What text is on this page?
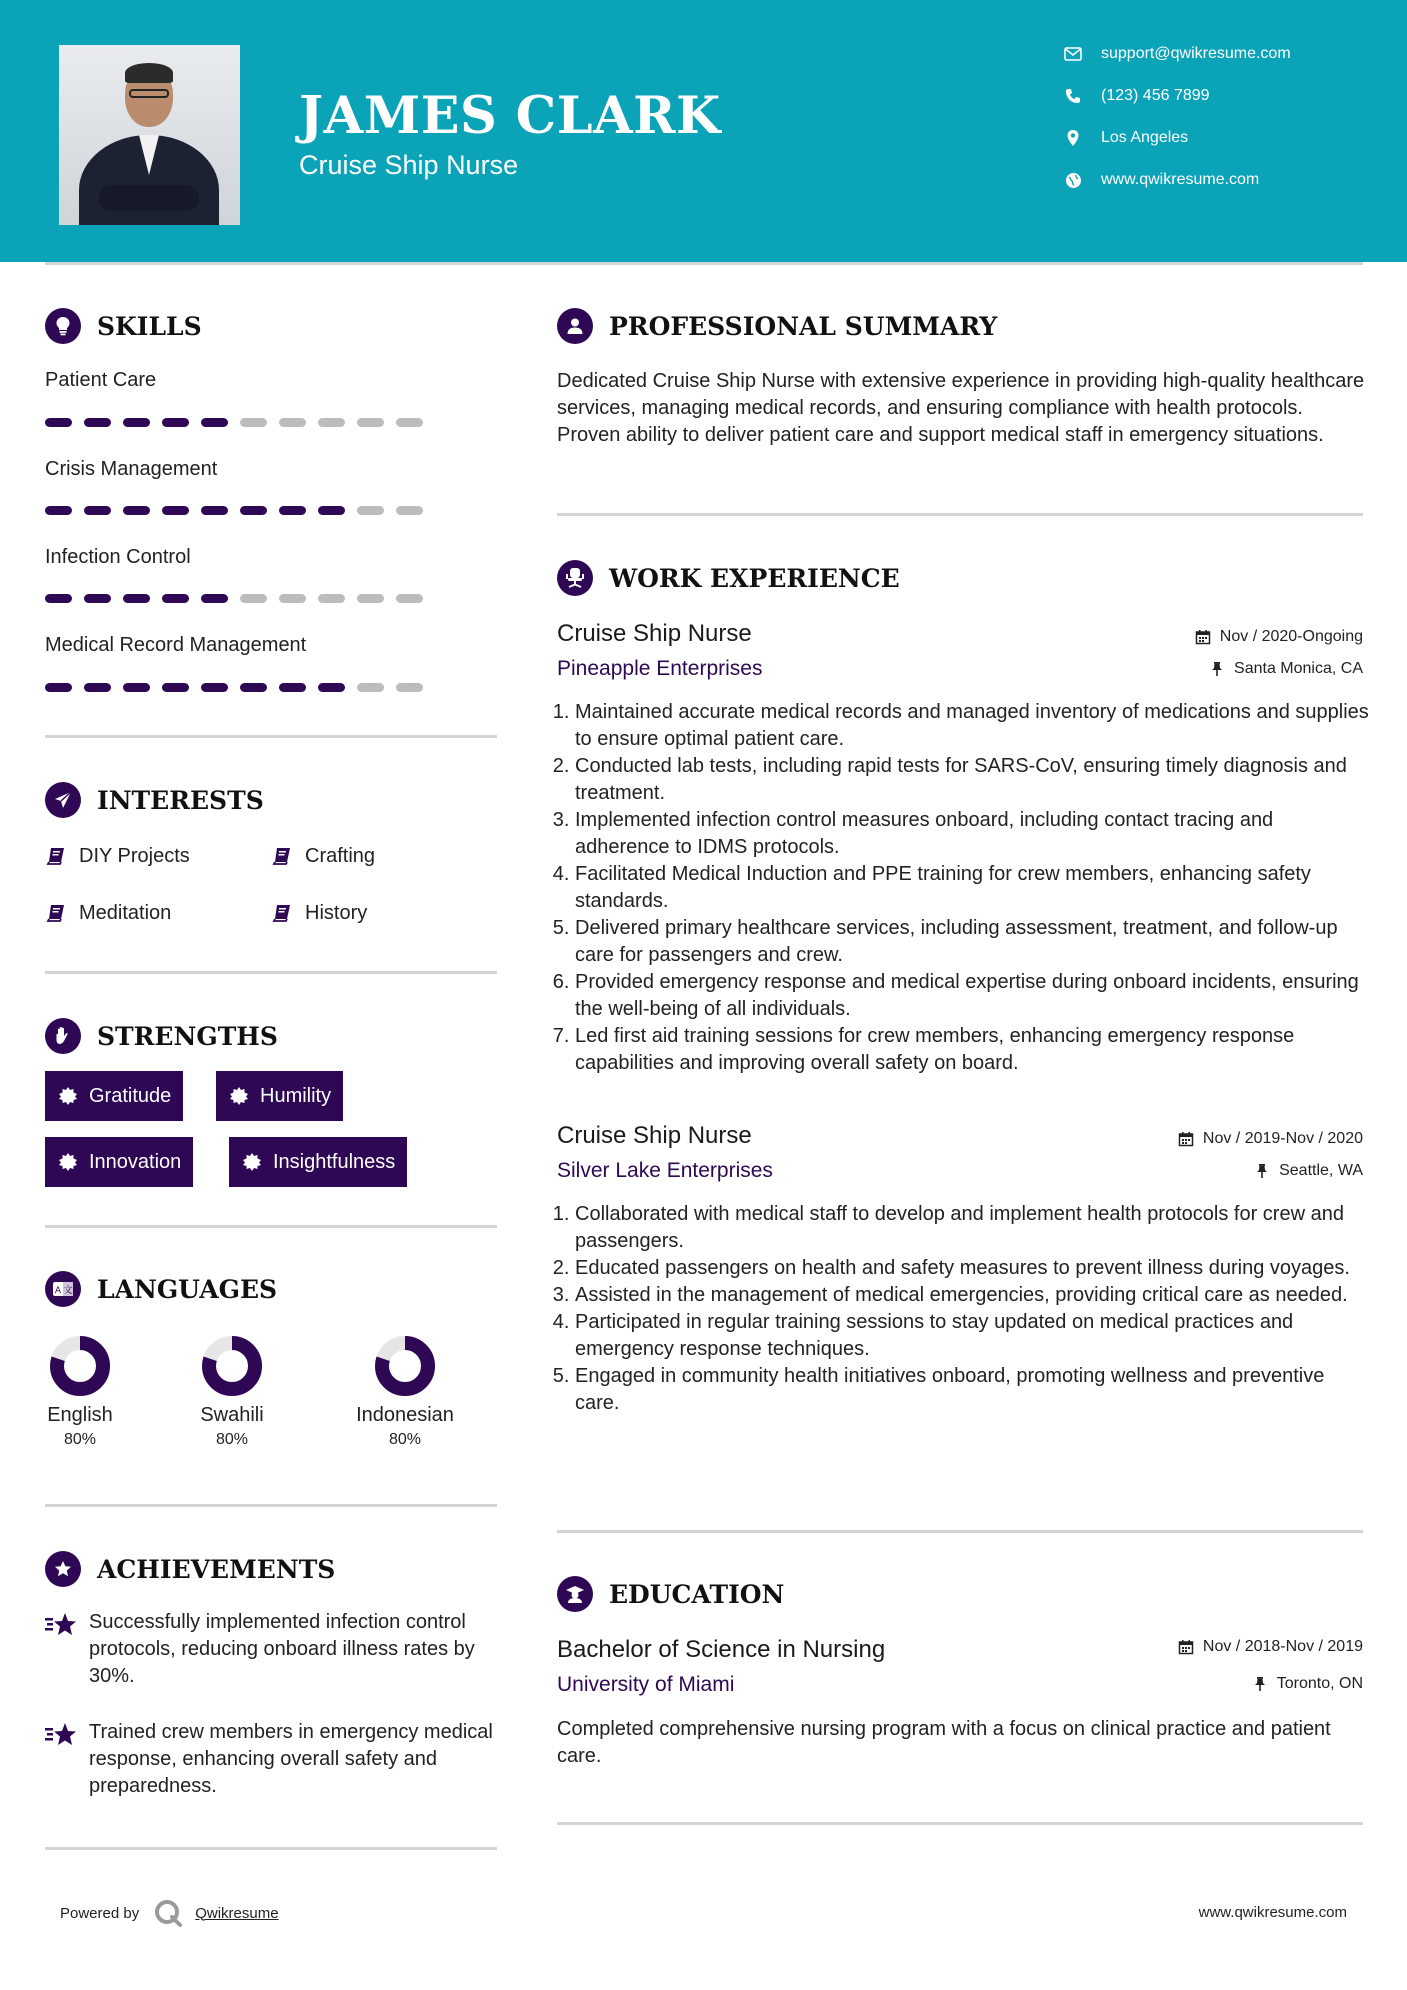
JAMES CLARK
Cruise Ship Nurse
support@qwikresume.com
(123) 456 7899
Los Angeles
www.qwikresume.com
SKILLS
Patient Care
Crisis Management
Infection Control
Medical Record Management
INTERESTS
DIY Projects	Crafting
Meditation	History
STRENGTHS
Gratitude	Humility
Innovation	Insightfulness
A 文 LANGUAGES
English
80%
Swahili
80%
Indonesian
80%
ACHIEVEMENTS
Successfully implemented infection control protocols, reducing onboard illness rates by 30%.
Trained crew members in emergency medical response, enhancing overall safety and preparedness.
PROFESSIONAL SUMMARY
Dedicated Cruise Ship Nurse with extensive experience in providing high-quality healthcare services, managing medical records, and ensuring compliance with health protocols. Proven ability to deliver patient care and support medical staff in emergency situations.
WORK EXPERIENCE
Cruise Ship Nurse	Nov / 2020-Ongoing
Pineapple Enterprises	Santa Monica, CA
1. Maintained accurate medical records and managed inventory of medications and supplies to ensure optimal patient care.
2. Conducted lab tests, including rapid tests for SARS-CoV, ensuring timely diagnosis and treatment.
3. Implemented infection control measures onboard, including contact tracing and adherence to IDMS protocols.
4. Facilitated Medical Induction and PPE training for crew members, enhancing safety standards.
5. Delivered primary healthcare services, including assessment, treatment, and follow-up care for passengers and crew.
6. Provided emergency response and medical expertise during onboard incidents, ensuring the well-being of all individuals.
7. Led first aid training sessions for crew members, enhancing emergency response capabilities and improving overall safety on board.
Cruise Ship Nurse	Nov / 2019-Nov / 2020
Silver Lake Enterprises	Seattle, WA
1. Collaborated with medical staff to develop and implement health protocols for crew and passengers.
2. Educated passengers on health and safety measures to prevent illness during voyages.
3. Assisted in the management of medical emergencies, providing critical care as needed.
4. Participated in regular training sessions to stay updated on medical practices and emergency response techniques.
5. Engaged in community health initiatives onboard, promoting wellness and preventive care.
EDUCATION
Bachelor of Science in Nursing	Nov / 2018-Nov / 2019
University of Miami	Toronto, ON
Completed comprehensive nursing program with a focus on clinical practice and patient care.
Powered by	Qwikresume	www.qwikresume.com
